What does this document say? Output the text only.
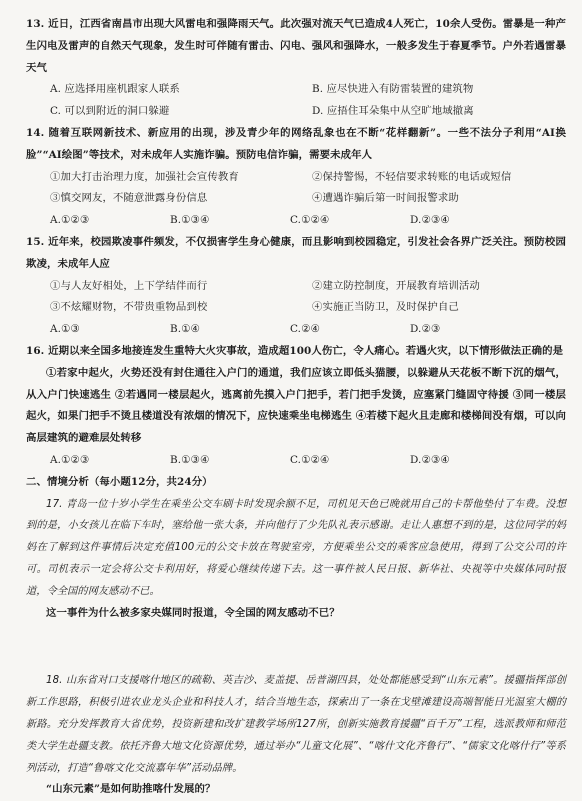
13. 近日，江西省南昌市出现大风雷电和强降雨天气。此次强对流天气已造成4人死亡，10余人受伤。雷暴是一种产生闪电及雷声的自然天气现象，发生时可伴随有雷击、闪电、强风和强降水，一般多发生于春夏季节。户外若遇雷暴天气

A. 应选择用座机跟家人联系	B. 应尽快进入有防雷装置的建筑物
C. 可以到附近的洞口躲避	D. 应捂住耳朵集中从空旷地域撤离

14. 随着互联网新技术、新应用的出现，涉及青少年的网络乱象也在不断“花样翻新”。一些不法分子利用“AI换脸”“AI绘图”等技术，对未成年人实施诈骗。预防电信诈骗，需要未成年人

①加大打击治理力度，加强社会宣传教育	②保持警惕，不轻信要求转账的电话或短信
③慎交网友，不随意泄露身份信息	④遭遇诈骗后第一时间报警求助
A.①②③	B.①③④	C.①②④	D.②③④

15. 近年来，校园欺凌事件频发，不仅损害学生身心健康，而且影响到校园稳定，引发社会各界广泛关注。预防校园欺凌，未成年人应

①与人友好相处，上下学结伴而行	②建立防控制度，开展教育培训活动
③不炫耀财物，不带贵重物品到校	④实施正当防卫，及时保护自己
A.①③	B.①④	C.②④	D.②③

16. 近期以来全国多地接连发生重特大火灾事故，造成超100人伤亡，令人痛心。若遇火灾，以下情形做法正确的是

①若家中起火，火势还没有封住通往入户门的通道，我们应该立即低头猫腰，以躲避从天花板不断下沉的烟气，从入户门快速逃生 ②若遇同一楼层起火，逃离前先摸入户门把手，若门把手发烫，应塞紧门缝固守待援 ③同一楼层起火，如果门把手不烫且楼道没有浓烟的情况下，应快速乘坐电梯逃生 ④若楼下起火且走廊和楼梯间没有烟，可以向高层建筑的避难层处转移

A.①②③	B.①③④	C.①②④	D.②③④

二、情境分析（每小题12分，共24分）

17. 青岛一位十岁小学生在乘坐公交车刷卡时发现余额不足，司机见天色已晚就用自己的卡帮他垫付了车费。没想到的是，小女孩儿在临下车时，塞给他一张大条，并向他行了少先队礼表示感谢。走让人惠想不到的是，这位同学的妈妈在了解到这件事情后决定充值100元的公交卡放在驾驶室旁，方便乘坐公交的乘客应急使用，得到了公交公司的许可。司机表示一定会将公交卡利用好，将爱心继续传递下去。这一事件被人民日报、新华社、央视等中央媒体同时报道，令全国的网友感动不已。

这一事件为什么被多家央媒同时报道，令全国的网友感动不已？

18. 山东省对口支援喀什地区的疏勒、英吉沙、麦盖提、岳普湖四县，处处都能感受到“山东元素”。援疆指挥部创新工作思路，积极引进农业龙头企业和科技人才，结合当地生态，探索出了一条在戈壁滩建设高端智能日光温室大棚的新路。充分发挥教育大省优势，投资新建和改扩建教学场所127所，创新实施教育援疆“百千万”工程，选派教师和师范类大学生赴疆支教。依托齐鲁大地文化资源优势，通过举办“儿童文化展”、“喀什文化齐鲁行”、“儒家文化喀什行”等系列活动，打造“鲁喀文化交流嘉年华”活动品牌。

“山东元素”是如何助推喀什发展的？
